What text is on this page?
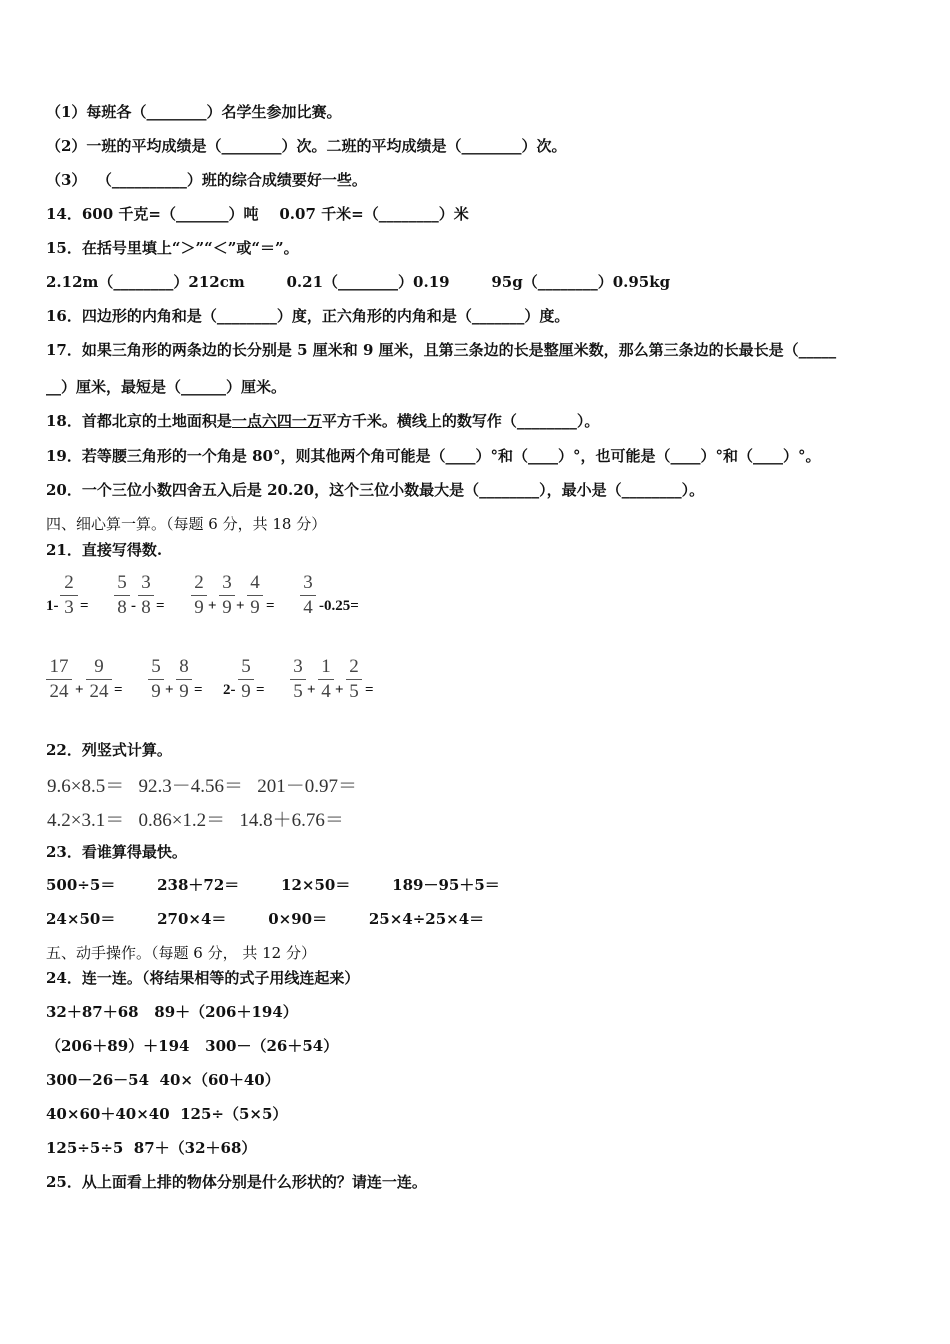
（1）每班各（________）名学生参加比赛。
（2）一班的平均成绩是（________）次。二班的平均成绩是（________）次。
（3）  （__________）班的综合成绩要好一些。
14．600 千克=（_______）吨    0.07 千米=（________）米
15．在括号里填上“＞”“＜”或“＝”。
2.12m（________）212cm        0.21（________）0.19        95g（________）0.95kg
16．四边形的内角和是（________）度，正六角形的内角和是（_______）度。
17．如果三角形的两条边的长分别是 5 厘米和 9 厘米，且第三条边的长是整厘米数，那么第三条边的长最长是（_____
__）厘米，最短是（______）厘米。
18．首都北京的土地面积是一点六四一万平方千米。横线上的数写作（________）。
19．若等腰三角形的一个角是 80°，则其他两个角可能是（____）°和（____）°，也可能是（____）°和（____）°。
20．一个三位小数四舍五入后是 20.20，这个三位小数最大是（________），最小是（________）。
四、细心算一算。（每题 6 分，共 18 分）
21．直接写得数.
1-
2
3 =
5
8 -
3
8 =
2
9 +
3
9 +
4
9 =
3
4 -0.25=
17
24 +
9
24 =
5
9 +
8
9 = 2-
5
9 =
3
5 +
1
4 +
2
5 =
22．列竖式计算。
9.6×8.5＝   92.3－4.56＝   201－0.97＝
4.2×3.1＝   0.86×1.2＝   14.8＋6.76＝
23．看谁算得最快。
500÷5＝        238＋72＝        12×50＝        189－95＋5＝
24×50＝        270×4＝        0×90＝        25×4÷25×4＝
五、动手操作。（每题 6 分， 共 12 分）
24．连一连。（将结果相等的式子用线连起来）
32＋87＋68   89＋（206＋194）
（206＋89）＋194   300－（26＋54）
300－26－54  40×（60＋40）
40×60＋40×40  125÷（5×5）
125÷5÷5  87＋（32＋68）
25．从上面看上排的物体分别是什么形状的？请连一连。
